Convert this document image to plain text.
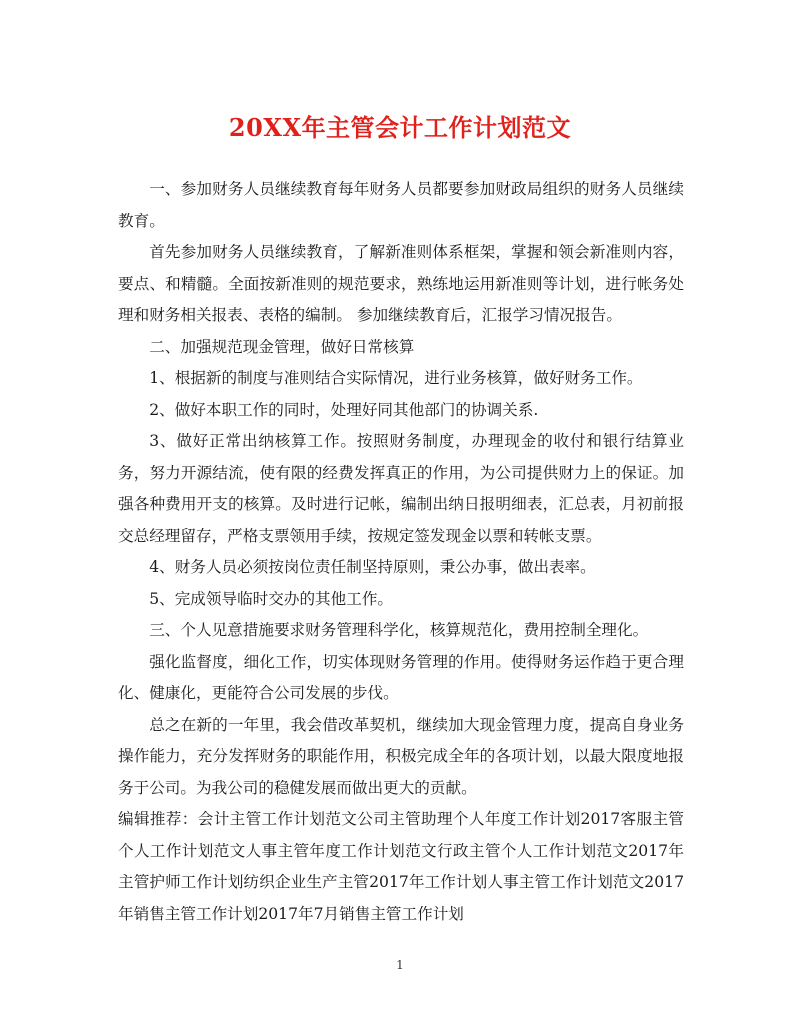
20XX年主管会计工作计划范文

一、参加财务人员继续教育每年财务人员都要参加财政局组织的财务人员继续教育。

首先参加财务人员继续教育，了解新准则体系框架，掌握和领会新准则内容，要点、和精髓。全面按新准则的规范要求，熟练地运用新准则等计划，进行帐务处理和财务相关报表、表格的编制。 参加继续教育后，汇报学习情况报告。

二、加强规范现金管理，做好日常核算

1、根据新的制度与准则结合实际情况，进行业务核算，做好财务工作。

2、做好本职工作的同时，处理好同其他部门的协调关系.

3、做好正常出纳核算工作。按照财务制度，办理现金的收付和银行结算业务，努力开源结流，使有限的经费发挥真正的作用，为公司提供财力上的保证。加强各种费用开支的核算。及时进行记帐，编制出纳日报明细表，汇总表，月初前报交总经理留存，严格支票领用手续，按规定签发现金以票和转帐支票。

4、财务人员必须按岗位责任制坚持原则，秉公办事，做出表率。

5、完成领导临时交办的其他工作。

三、个人见意措施要求财务管理科学化，核算规范化，费用控制全理化。

强化监督度，细化工作，切实体现财务管理的作用。使得财务运作趋于更合理化、健康化，更能符合公司发展的步伐。

总之在新的一年里，我会借改革契机，继续加大现金管理力度，提高自身业务操作能力，充分发挥财务的职能作用，积极完成全年的各项计划，以最大限度地报务于公司。为我公司的稳健发展而做出更大的贡献。

编辑推荐：会计主管工作计划范文公司主管助理个人年度工作计划2017客服主管个人工作计划范文人事主管年度工作计划范文行政主管个人工作计划范文2017年主管护师工作计划纺织企业生产主管2017年工作计划人事主管工作计划范文2017年销售主管工作计划2017年7月销售主管工作计划

1
